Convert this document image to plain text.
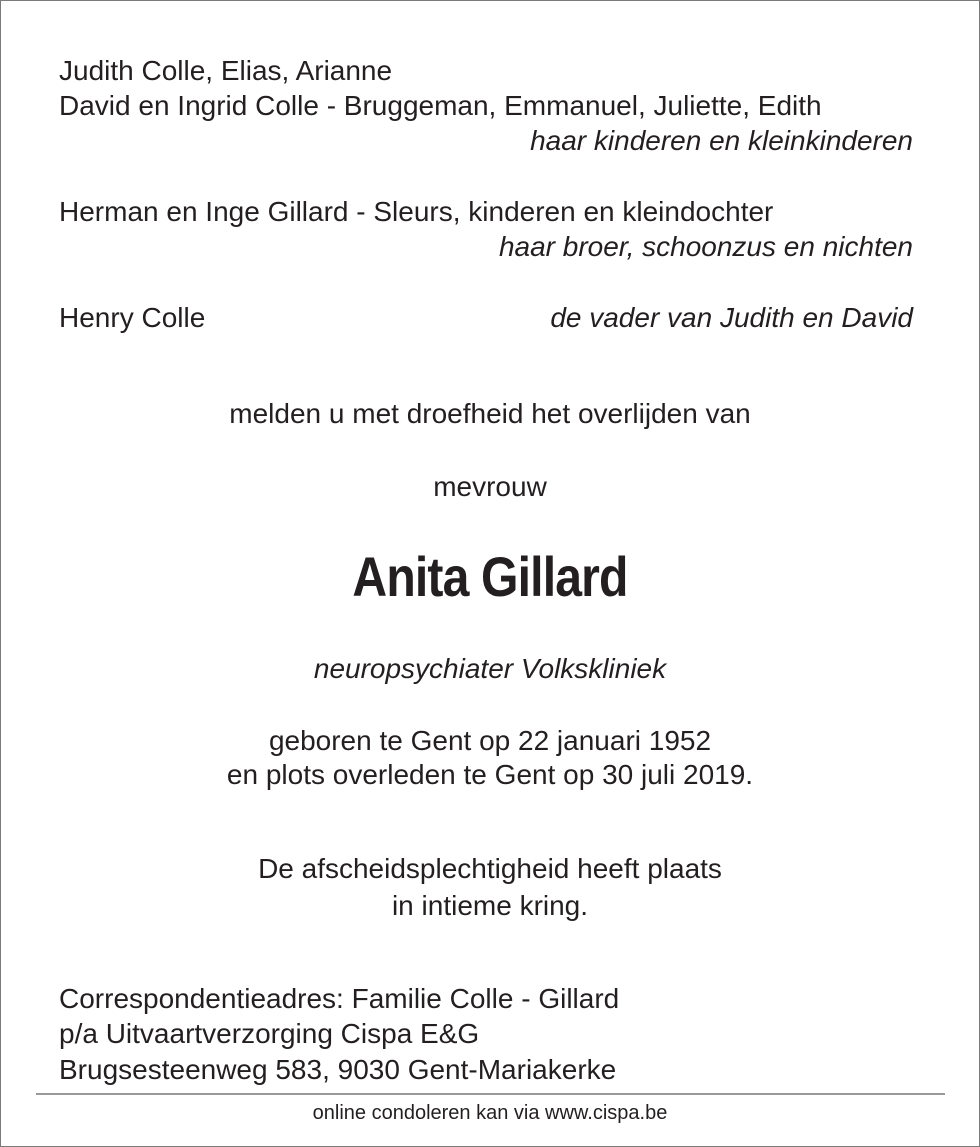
Judith Colle, Elias, Arianne
David en Ingrid Colle - Bruggeman, Emmanuel, Juliette, Edith
haar kinderen en kleinkinderen
Herman en Inge Gillard - Sleurs, kinderen en kleindochter
haar broer, schoonzus en nichten
Henry Colle	de vader van Judith en David
melden u met droefheid het overlijden van
mevrouw
Anita Gillard
neuropsychiater Volkskliniek
geboren te Gent op 22 januari 1952
en plots overleden te Gent op 30 juli 2019.
De afscheidsplechtigheid heeft plaats
in intieme kring.
Correspondentieadres: Familie Colle - Gillard
p/a Uitvaartverzorging Cispa E&G
Brugsesteenweg 583, 9030 Gent-Mariakerke
online condoleren kan via www.cispa.be
